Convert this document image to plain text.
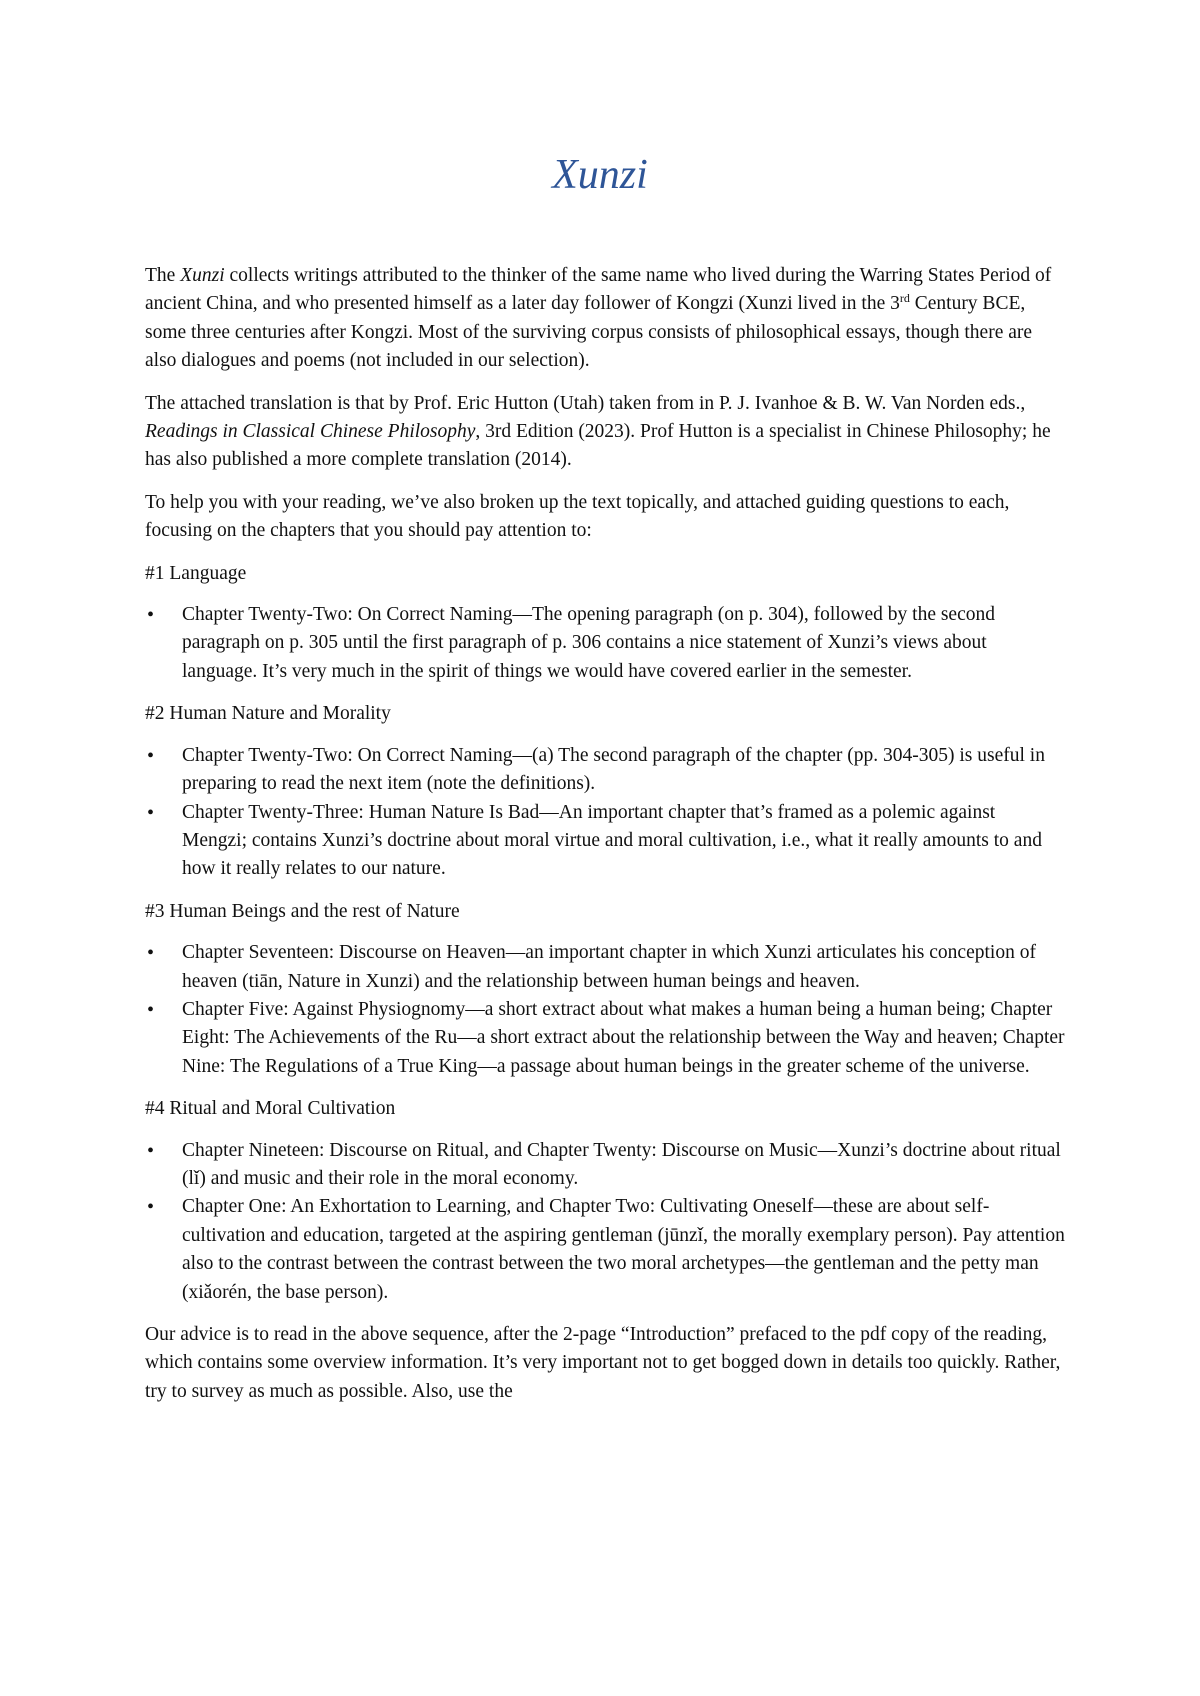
Xunzi

The Xunzi collects writings attributed to the thinker of the same name who lived during the Warring States Period of ancient China, and who presented himself as a later day follower of Kongzi (Xunzi lived in the 3rd Century BCE, some three centuries after Kongzi. Most of the surviving corpus consists of philosophical essays, though there are also dialogues and poems (not included in our selection).

The attached translation is that by Prof. Eric Hutton (Utah) taken from in P. J. Ivanhoe & B. W. Van Norden eds., Readings in Classical Chinese Philosophy, 3rd Edition (2023). Prof Hutton is a specialist in Chinese Philosophy; he has also published a more complete translation (2014).

To help you with your reading, we’ve also broken up the text topically, and attached guiding questions to each, focusing on the chapters that you should pay attention to:

#1 Language

• Chapter Twenty-Two: On Correct Naming—The opening paragraph (on p. 304), followed by the second paragraph on p. 305 until the first paragraph of p. 306 contains a nice statement of Xunzi’s views about language. It’s very much in the spirit of things we would have covered earlier in the semester.

#2 Human Nature and Morality

• Chapter Twenty-Two: On Correct Naming—(a) The second paragraph of the chapter (pp. 304-305) is useful in preparing to read the next item (note the definitions).
• Chapter Twenty-Three: Human Nature Is Bad—An important chapter that’s framed as a polemic against Mengzi; contains Xunzi’s doctrine about moral virtue and moral cultivation, i.e., what it really amounts to and how it really relates to our nature.

#3 Human Beings and the rest of Nature

• Chapter Seventeen: Discourse on Heaven—an important chapter in which Xunzi articulates his conception of heaven (tiān, Nature in Xunzi) and the relationship between human beings and heaven.
• Chapter Five: Against Physiognomy—a short extract about what makes a human being a human being; Chapter Eight: The Achievements of the Ru—a short extract about the relationship between the Way and heaven; Chapter Nine: The Regulations of a True King—a passage about human beings in the greater scheme of the universe.

#4 Ritual and Moral Cultivation

• Chapter Nineteen: Discourse on Ritual, and Chapter Twenty: Discourse on Music—Xunzi’s doctrine about ritual (lǐ) and music and their role in the moral economy.
• Chapter One: An Exhortation to Learning, and Chapter Two: Cultivating Oneself—these are about self-cultivation and education, targeted at the aspiring gentleman (jūnzǐ, the morally exemplary person). Pay attention also to the contrast between the contrast between the two moral archetypes—the gentleman and the petty man (xiǎorén, the base person).

Our advice is to read in the above sequence, after the 2-page “Introduction” prefaced to the pdf copy of the reading, which contains some overview information. It’s very important not to get bogged down in details too quickly. Rather, try to survey as much as possible. Also, use the
